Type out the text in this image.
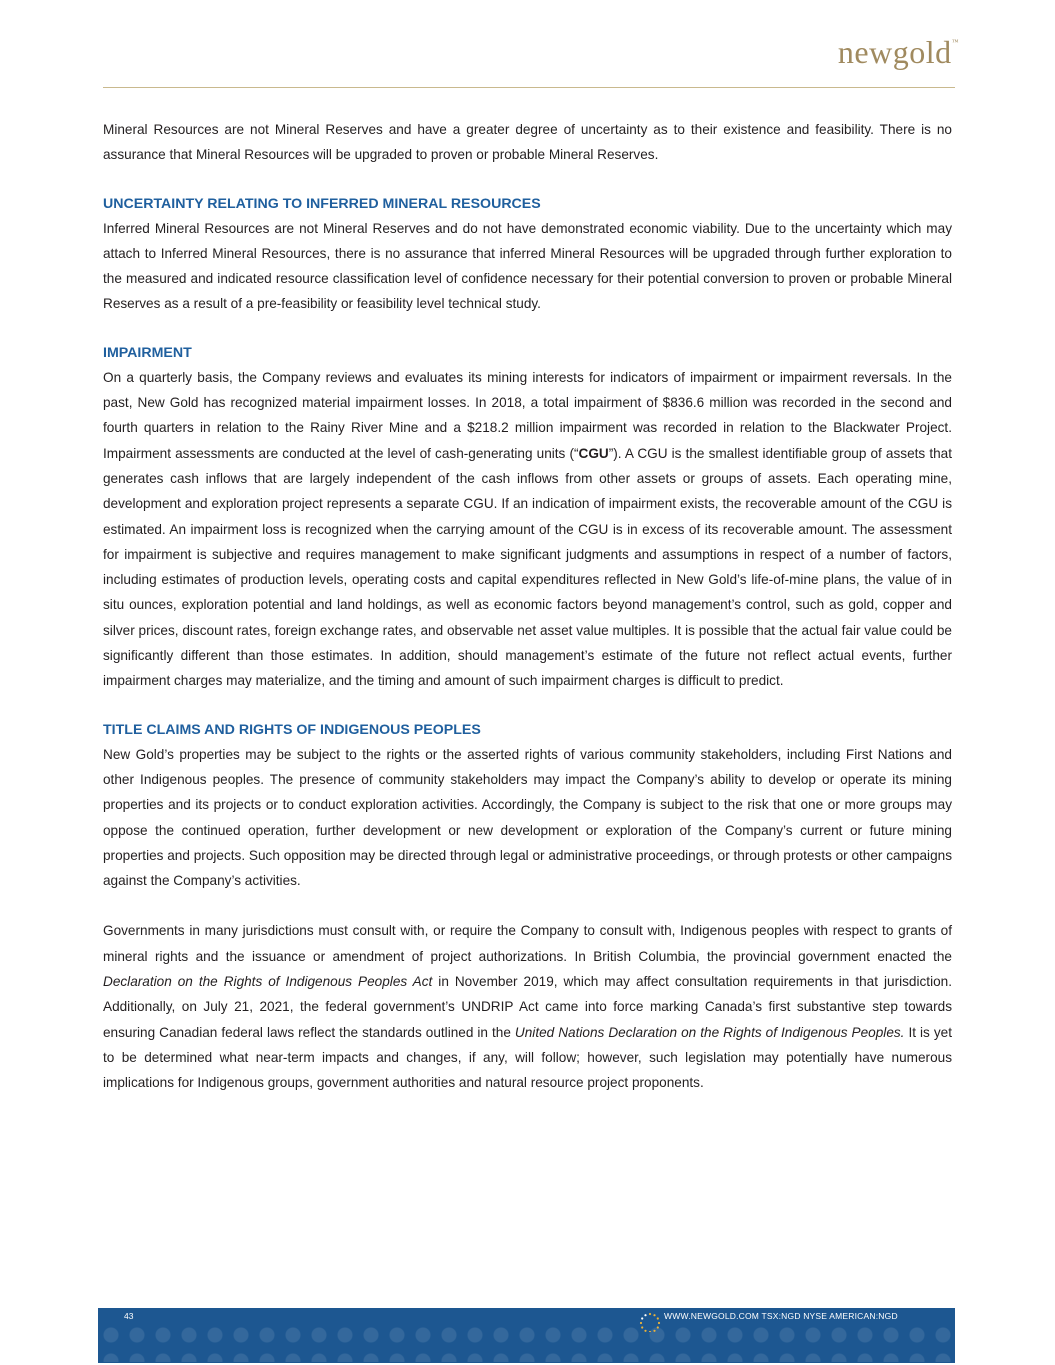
newgold™

Mineral Resources are not Mineral Reserves and have a greater degree of uncertainty as to their existence and feasibility. There is no assurance that Mineral Resources will be upgraded to proven or probable Mineral Reserves.

UNCERTAINTY RELATING TO INFERRED MINERAL RESOURCES

Inferred Mineral Resources are not Mineral Reserves and do not have demonstrated economic viability. Due to the uncertainty which may attach to Inferred Mineral Resources, there is no assurance that inferred Mineral Resources will be upgraded through further exploration to the measured and indicated resource classification level of confidence necessary for their potential conversion to proven or probable Mineral Reserves as a result of a pre-feasibility or feasibility level technical study.

IMPAIRMENT

On a quarterly basis, the Company reviews and evaluates its mining interests for indicators of impairment or impairment reversals. In the past, New Gold has recognized material impairment losses. In 2018, a total impairment of $836.6 million was recorded in the second and fourth quarters in relation to the Rainy River Mine and a $218.2 million impairment was recorded in relation to the Blackwater Project. Impairment assessments are conducted at the level of cash-generating units (“CGU”). A CGU is the smallest identifiable group of assets that generates cash inflows that are largely independent of the cash inflows from other assets or groups of assets. Each operating mine, development and exploration project represents a separate CGU. If an indication of impairment exists, the recoverable amount of the CGU is estimated. An impairment loss is recognized when the carrying amount of the CGU is in excess of its recoverable amount. The assessment for impairment is subjective and requires management to make significant judgments and assumptions in respect of a number of factors, including estimates of production levels, operating costs and capital expenditures reflected in New Gold’s life-of-mine plans, the value of in situ ounces, exploration potential and land holdings, as well as economic factors beyond management’s control, such as gold, copper and silver prices, discount rates, foreign exchange rates, and observable net asset value multiples. It is possible that the actual fair value could be significantly different than those estimates. In addition, should management’s estimate of the future not reflect actual events, further impairment charges may materialize, and the timing and amount of such impairment charges is difficult to predict.

TITLE CLAIMS AND RIGHTS OF INDIGENOUS PEOPLES

New Gold’s properties may be subject to the rights or the asserted rights of various community stakeholders, including First Nations and other Indigenous peoples. The presence of community stakeholders may impact the Company’s ability to develop or operate its mining properties and its projects or to conduct exploration activities. Accordingly, the Company is subject to the risk that one or more groups may oppose the continued operation, further development or new development or exploration of the Company’s current or future mining properties and projects. Such opposition may be directed through legal or administrative proceedings, or through protests or other campaigns against the Company’s activities.

Governments in many jurisdictions must consult with, or require the Company to consult with, Indigenous peoples with respect to grants of mineral rights and the issuance or amendment of project authorizations. In British Columbia, the provincial government enacted the Declaration on the Rights of Indigenous Peoples Act in November 2019, which may affect consultation requirements in that jurisdiction. Additionally, on July 21, 2021, the federal government’s UNDRIP Act came into force marking Canada’s first substantive step towards ensuring Canadian federal laws reflect the standards outlined in the United Nations Declaration on the Rights of Indigenous Peoples. It is yet to be determined what near-term impacts and changes, if any, will follow; however, such legislation may potentially have numerous implications for Indigenous groups, government authorities and natural resource project proponents.

43	WWW.NEWGOLD.COM TSX:NGD NYSE AMERICAN:NGD
